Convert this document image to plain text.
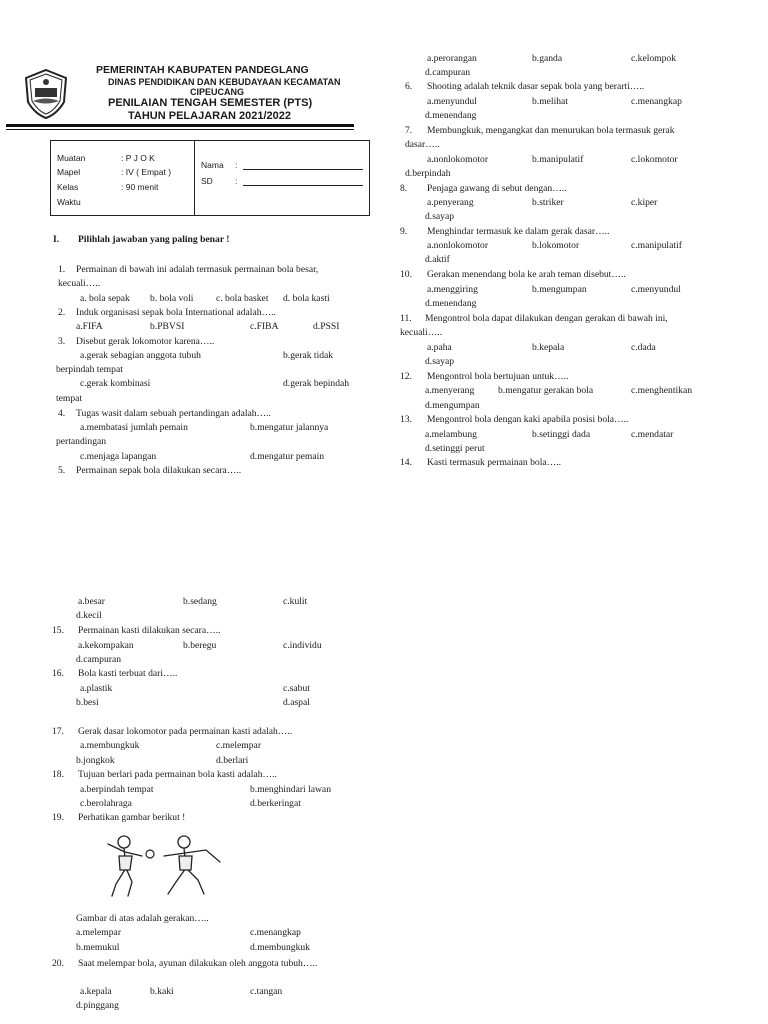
PEMERINTAH KABUPATEN PANDEGLANG
DINAS PENDIDIKAN DAN KEBUDAYAAN KECAMATAN
CIPEUCANG
PENILAIAN TENGAH SEMESTER (PTS)
TAHUN PELAJARAN 2021/2022
Muatan	: P J O K
Mapel	: IV ( Empat )
Kelas	: 90 menit
Waktu
Nama :
SD	:
I. Pilihlah jawaban yang paling benar !
1. Permainan di bawah ini adalah termasuk permainan bola besar,
kecuali…..
a. bola sepak b. bola voli c. bola basket d. bola kasti
2. Induk organisasi sepak bola International adalah…..
a.FIFA	b.PBVSI	c.FIBA	d.PSSI
3. Disebut gerak lokomotor karena…..
a.gerak sebagian anggota tubuh	b.gerak tidak
berpindah tempat
c.gerak kombinasi	d.gerak bepindah
tempat
4. Tugas wasit dalam sebuah pertandingan adalah…..
a.membatasi jumlah pemain	b.mengatur jalannya
pertandingan
c.menjaga lapangan	d.mengatur pemain
5. Permainan sepak bola dilakukan secara…..
a.perorangan	b.ganda	c.kelompok
d.campuran
6. Shooting adalah teknik dasar sepak bola yang berarti…..
a.menyundul	b.melihat	c.menangkap
d.menendang
7. Membungkuk, mengangkat dan menurukan bola termasuk gerak
dasar…..
a.nonlokomotor	b.manipulatif	c.lokomotor
d.berpindah
8. Penjaga gawang di sebut dengan…..
a.penyerang	b.striker	c.kiper
d.sayap
9. Menghindar termasuk ke dalam gerak dasar…..
a.nonlokomotor	b.lokomotor	c.manipulatif
d.aktif
10. Gerakan menendang bola ke arah teman disebut…..
a.menggiring	b.mengumpan	c.menyundul
d.menendang
11. Mengontrol bola dapat dilakukan dengan gerakan di bawah ini,
kecuali…..
a.paha	b.kepala	c.dada
d.sayap
12. Mengontrol bola bertujuan untuk…..
a.menyerang b.mengatur gerakan bola	c.menghentikan
d.mengumpan
13. Mengontrol bola dengan kaki apabila posisi bola…..
a.melambung	b.setinggi dada	c.mendatar
d.setinggi perut
14. Kasti termasuk permainan bola…..
a.besar	b.sedang	c.kulit
d.kecil
15. Permainan kasti dilakukan secara…..
a.kekompakan	b.beregu	c.individu
d.campuran
16. Bola kasti terbuat dari…..
a.plastik	c.sabut
b.besi	d.aspal
17. Gerak dasar lokomotor pada permainan kasti adalah…..
a.membungkuk	c.melempar
b.jongkok	d.berlari
18. Tujuan berlari pada permainan bola kasti adalah…..
a.berpindah tempat	b.menghindari lawan
c.berolahraga	d.berkeringat
19. Perhatikan gambar berikut !
Gambar di atas adalah gerakan…..
a.melempar	c.menangkap
b.memukul	d.membungkuk
20. Saat melempar bola, ayunan dilakukan oleh anggota tubuh…..
a.kepala	b.kaki	c.tangan
d.pinggang
